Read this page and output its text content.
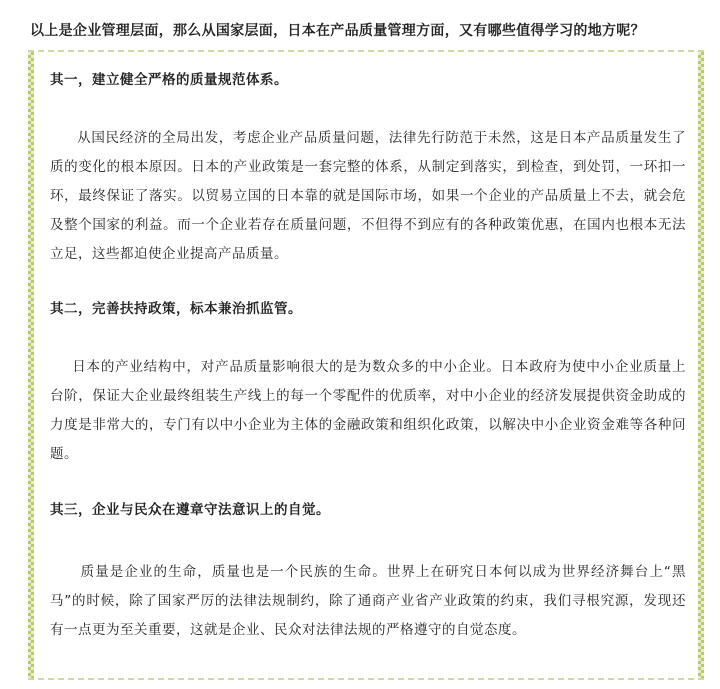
以上是企业管理层面，那么从国家层面，日本在产品质量管理方面，又有哪些值得学习的地方呢？
其一，建立健全严格的质量规范体系。
从国民经济的全局出发，考虑企业产品质量问题，法律先行防范于未然，这是日本产品质量发生了质的变化的根本原因。日本的产业政策是一套完整的体系，从制定到落实，到检查，到处罚，一环扣一环，最终保证了落实。以贸易立国的日本靠的就是国际市场，如果一个企业的产品质量上不去，就会危及整个国家的利益。而一个企业若存在质量问题，不但得不到应有的各种政策优惠，在国内也根本无法立足，这些都迫使企业提高产品质量。
其二，完善扶持政策，标本兼治抓监管。
日本的产业结构中，对产品质量影响很大的是为数众多的中小企业。日本政府为使中小企业质量上台阶，保证大企业最终组装生产线上的每一个零配件的优质率，对中小企业的经济发展提供资金助成的力度是非常大的，专门有以中小企业为主体的金融政策和组织化政策，以解决中小企业资金难等各种问题。
其三，企业与民众在遵章守法意识上的自觉。
质量是企业的生命，质量也是一个民族的生命。世界上在研究日本何以成为世界经济舞台上“黑马”的时候，除了国家严厉的法律法规制约，除了通商产业省产业政策的约束，我们寻根究源，发现还有一点更为至关重要，这就是企业、民众对法律法规的严格遵守的自觉态度。
